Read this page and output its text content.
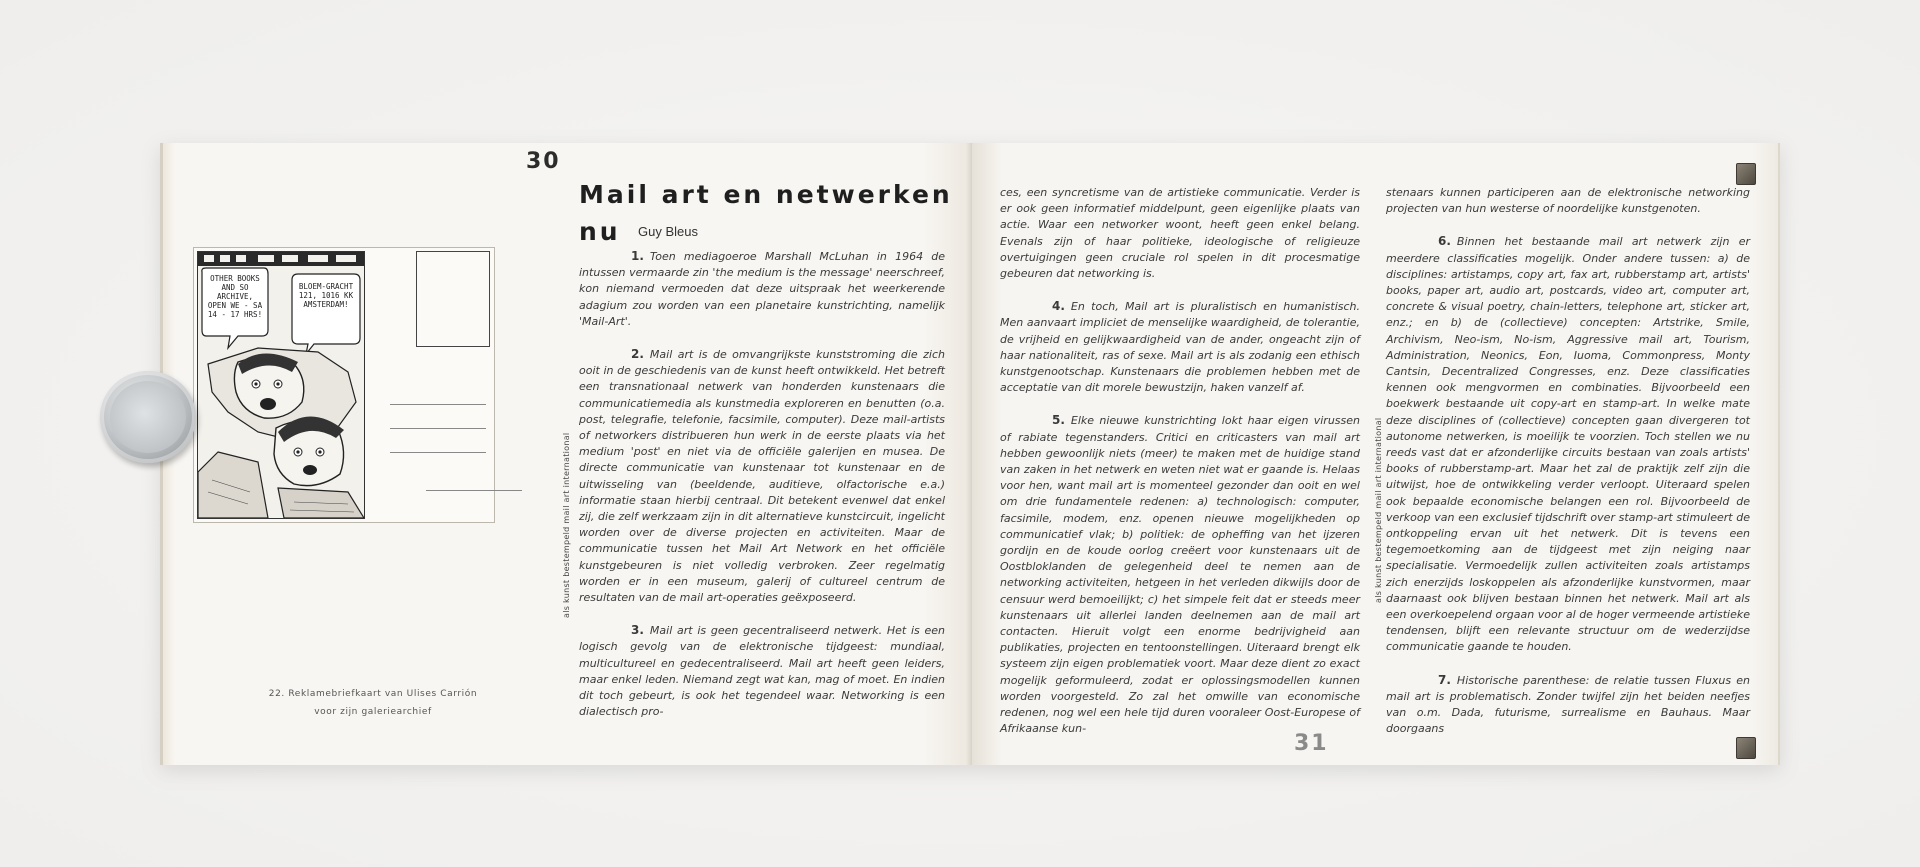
30
Mail art en netwerken
nu Guy Bleus

1. Toen mediagoeroe Marshall McLuhan in 1964 de intussen vermaarde zin 'the medium is the message' neerschreef, kon niemand vermoeden dat deze uitspraak het weerkerende adagium zou worden van een planetaire kunstrichting, namelijk 'Mail-Art'.

2. Mail art is de omvangrijkste kunststroming die zich ooit in de geschiedenis van de kunst heeft ontwikkeld. Het betreft een transnationaal netwerk van honderden kunstenaars die communicatiemedia als kunstmedia exploreren en benutten (o.a. post, telegrafie, telefonie, facsimile, computer). Deze mail-artists of networkers distribueren hun werk in de eerste plaats via het medium 'post' en niet via de officiële galerijen en musea. De directe communicatie van kunstenaar tot kunstenaar en de uitwisseling van (beeldende, auditieve, olfactorische e.a.) informatie staan hierbij centraal. Dit betekent evenwel dat enkel zij, die zelf werkzaam zijn in dit alternatieve kunstcircuit, ingelicht worden over de diverse projecten en activiteiten. Maar de communicatie tussen het Mail Art Network en het officiële kunstgebeuren is niet volledig verbroken. Zeer regelmatig worden er in een museum, galerij of cultureel centrum de resultaten van de mail art-operaties geëxposeerd.

3. Mail art is geen gecentraliseerd netwerk. Het is een logisch gevolg van de elektronische tijdgeest: mundiaal, multicultureel en gedecentraliseerd. Mail art heeft geen leiders, maar enkel leden. Niemand zegt wat kan, mag of moet. En indien dit toch gebeurt, is ook het tegendeel waar. Networking is een dialectisch pro-

als kunst bestempeld mail art international
OTHER BOOKS AND SO ARCHIVE, OPEN WE - SA 14 - 17 HRS!
BLOEM-GRACHT 121, 1016 KK AMSTERDAM!
22. Reklamebriefkaart van Ulises Carrión
voor zijn galeriearchief

ces, een syncretisme van de artistieke communicatie. Verder is er ook geen informatief middelpunt, geen eigenlijke plaats van actie. Waar een networker woont, heeft geen enkel belang. Evenals zijn of haar politieke, ideologische of religieuze overtuigingen geen cruciale rol spelen in dit procesmatige gebeuren dat networking is.

4. En toch, Mail art is pluralistisch en humanistisch. Men aanvaart impliciet de menselijke waardigheid, de tolerantie, de vrijheid en gelijkwaardigheid van de ander, ongeacht zijn of haar nationaliteit, ras of sexe. Mail art is als zodanig een ethisch kunstgenootschap. Kunstenaars die problemen hebben met de acceptatie van dit morele bewustzijn, haken vanzelf af.

5. Elke nieuwe kunstrichting lokt haar eigen virussen of rabiate tegenstanders. Critici en criticasters van mail art hebben gewoonlijk niets (meer) te maken met de huidige stand van zaken in het netwerk en weten niet wat er gaande is. Helaas voor hen, want mail art is momenteel gezonder dan ooit en wel om drie fundamentele redenen: a) technologisch: computer, facsimile, modem, enz. openen nieuwe mogelijkheden op communicatief vlak; b) politiek: de opheffing van het ijzeren gordijn en de koude oorlog creëert voor kunstenaars uit de Oostbloklanden de gelegenheid deel te nemen aan de networking activiteiten, hetgeen in het verleden dikwijls door de censuur werd bemoeilijkt; c) het simpele feit dat er steeds meer kunstenaars uit allerlei landen deelnemen aan de mail art contacten. Hieruit volgt een enorme bedrijvigheid aan publikaties, projecten en tentoonstellingen. Uiteraard brengt elk systeem zijn eigen problematiek voort. Maar deze dient zo exact mogelijk geformuleerd, zodat er oplossingsmodellen kunnen worden voorgesteld. Zo zal het omwille van economische redenen, nog wel een hele tijd duren vooraleer Oost-Europese of Afrikaanse kun-

als kunst bestempeld mail art international

stenaars kunnen participeren aan de elektronische networking projecten van hun westerse of noordelijke kunstgenoten.

6. Binnen het bestaande mail art netwerk zijn er meerdere classificaties mogelijk. Onder andere tussen: a) de disciplines: artistamps, copy art, fax art, rubberstamp art, artists' books, paper art, audio art, postcards, video art, computer art, concrete & visual poetry, chain-letters, telephone art, sticker art, enz.; en b) de (collectieve) concepten: Artstrike, Smile, Archivism, Neo-ism, No-ism, Aggressive mail art, Tourism, Administration, Neonics, Eon, Iuoma, Commonpress, Monty Cantsin, Decentralized Congresses, enz. Deze classificaties kennen ook mengvormen en combinaties. Bijvoorbeeld een boekwerk bestaande uit copy-art en stamp-art. In welke mate deze disciplines of (collectieve) concepten gaan divergeren tot autonome netwerken, is moeilijk te voorzien. Toch stellen we nu reeds vast dat er afzonderlijke circuits bestaan van zoals artists' books of rubberstamp-art. Maar het zal de praktijk zelf zijn die uitwijst, hoe de ontwikkeling verder verloopt. Uiteraard spelen ook bepaalde economische belangen een rol. Bijvoorbeeld de verkoop van een exclusief tijdschrift over stamp-art stimuleert de ontkoppeling ervan uit het netwerk. Dit is tevens een tegemoetkoming aan de tijdgeest met zijn neiging naar specialisatie. Vermoedelijk zullen activiteiten zoals artistamps zich enerzijds loskoppelen als afzonderlijke kunstvormen, maar daarnaast ook blijven bestaan binnen het netwerk. Mail art als een overkoepelend orgaan voor al de hoger vermeende artistieke tendensen, blijft een relevante structuur om de wederzijdse communicatie gaande te houden.

7. Historische parenthese: de relatie tussen Fluxus en mail art is problematisch. Zonder twijfel zijn het beiden neefjes van o.m. Dada, futurisme, surrealisme en Bauhaus. Maar doorgaans

31
